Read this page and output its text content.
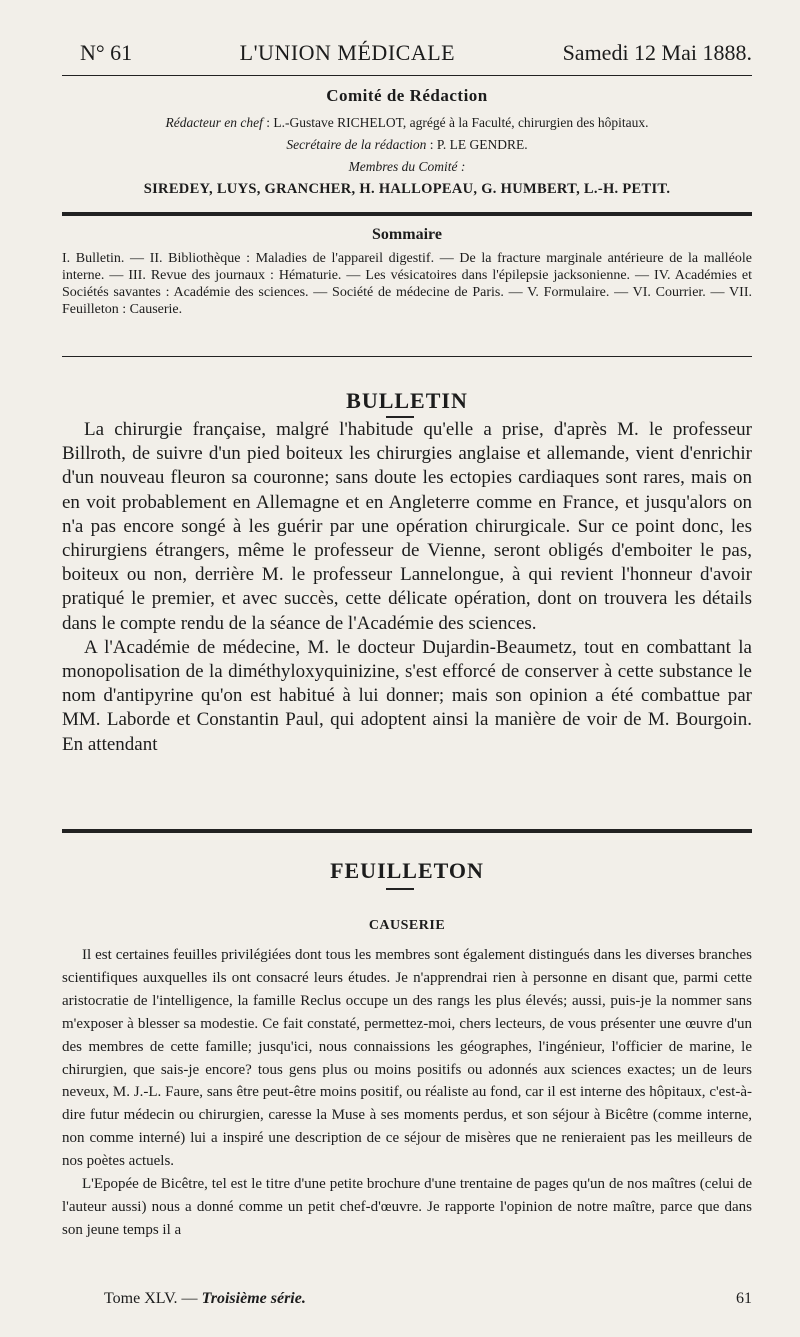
N° 61	L'UNION MÉDICALE	Samedi 12 Mai 1888.
Comité de Rédaction
Rédacteur en chef : L.-Gustave RICHELOT, agrégé à la Faculté, chirurgien des hôpitaux.
Secrétaire de la rédaction : P. LE GENDRE.
Membres du Comité :
SIREDEY, LUYS, GRANCHER, H. HALLOPEAU, G. HUMBERT, L.-H. PETIT.
Sommaire
I. Bulletin. — II. Bibliothèque : Maladies de l'appareil digestif. — De la fracture marginale antérieure de la malléole interne. — III. Revue des journaux : Hématurie. — Les vésicatoires dans l'épilepsie jacksonienne. — IV. Académies et Sociétés savantes : Académie des sciences. — Société de médecine de Paris. — V. Formulaire. — VI. Courrier. — VII. Feuilleton : Causerie.
BULLETIN

La chirurgie française, malgré l'habitude qu'elle a prise, d'après M. le professeur Billroth, de suivre d'un pied boiteux les chirurgies anglaise et allemande, vient d'enrichir d'un nouveau fleuron sa couronne; sans doute les ectopies cardiaques sont rares, mais on en voit probablement en Allemagne et en Angleterre comme en France, et jusqu'alors on n'a pas encore songé à les guérir par une opération chirurgicale. Sur ce point donc, les chirurgiens étrangers, même le professeur de Vienne, seront obligés d'emboiter le pas, boiteux ou non, derrière M. le professeur Lannelongue, à qui revient l'honneur d'avoir pratiqué le premier, et avec succès, cette délicate opération, dont on trouvera les détails dans le compte rendu de la séance de l'Académie des sciences.

A l'Académie de médecine, M. le docteur Dujardin-Beaumetz, tout en combattant la monopolisation de la diméthyloxyquinizine, s'est efforcé de conserver à cette substance le nom d'antipyrine qu'on est habitué à lui donner; mais son opinion a été combattue par MM. Laborde et Constantin Paul, qui adoptent ainsi la manière de voir de M. Bourgoin. En attendant

FEUILLETON
CAUSERIE

Il est certaines feuilles privilégiées dont tous les membres sont également distingués dans les diverses branches scientifiques auxquelles ils ont consacré leurs études. Je n'apprendrai rien à personne en disant que, parmi cette aristocratie de l'intelligence, la famille Reclus occupe un des rangs les plus élevés; aussi, puis-je la nommer sans m'exposer à blesser sa modestie. Ce fait constaté, permettez-moi, chers lecteurs, de vous présenter une œuvre d'un des membres de cette famille; jusqu'ici, nous connaissions les géographes, l'ingénieur, l'officier de marine, le chirurgien, que sais-je encore? tous gens plus ou moins positifs ou adonnés aux sciences exactes; un de leurs neveux, M. J.-L. Faure, sans être peut-être moins positif, ou réaliste au fond, car il est interne des hôpitaux, c'est-à-dire futur médecin ou chirurgien, caresse la Muse à ses moments perdus, et son séjour à Bicêtre (comme interne, non comme interné) lui a inspiré une description de ce séjour de misères que ne renieraient pas les meilleurs de nos poètes actuels.

L'Epopée de Bicêtre, tel est le titre d'une petite brochure d'une trentaine de pages qu'un de nos maîtres (celui de l'auteur aussi) nous a donné comme un petit chef-d'œuvre. Je rapporte l'opinion de notre maître, parce que dans son jeune temps il a

Tome XLV. — Troisième série.	61
